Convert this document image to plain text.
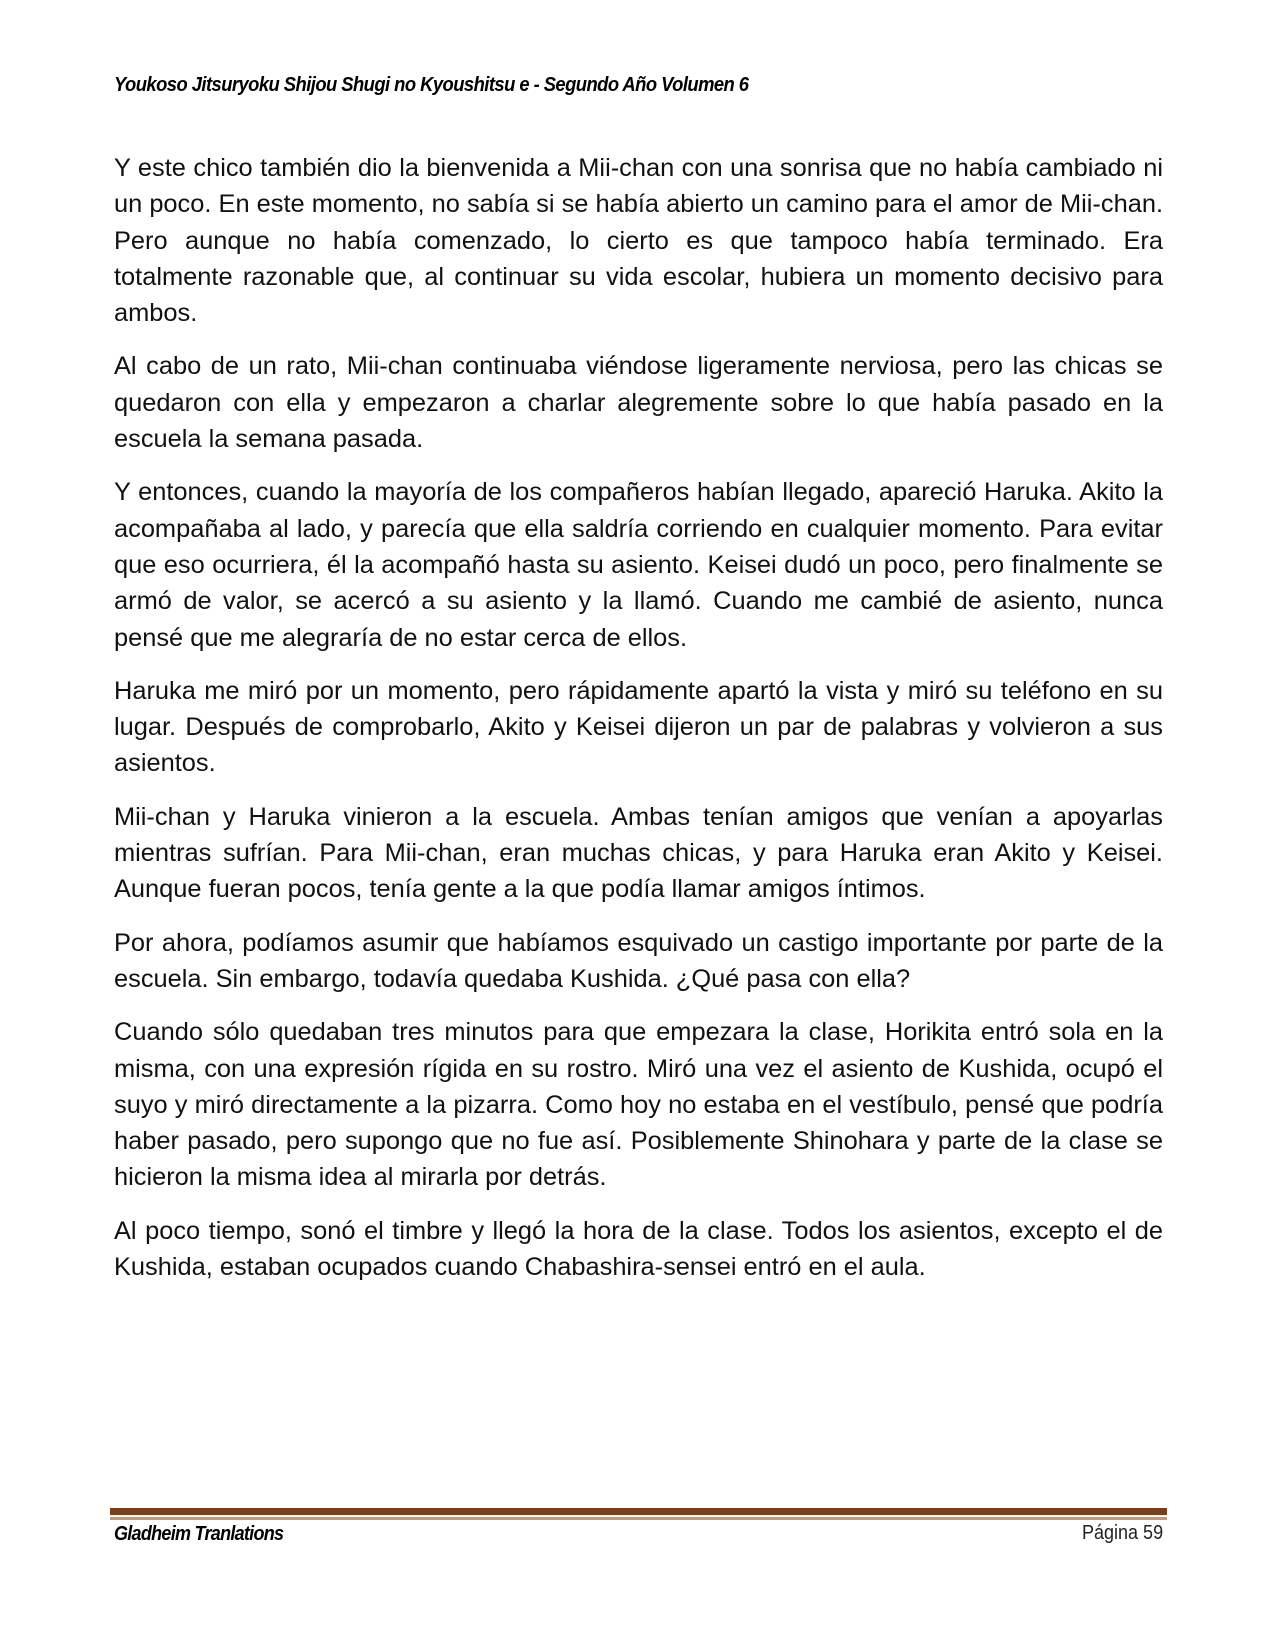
Youkoso Jitsuryoku Shijou Shugi no Kyoushitsu e - Segundo Año Volumen 6

Y este chico también dio la bienvenida a Mii-chan con una sonrisa que no había cambiado ni un poco. En este momento, no sabía si se había abierto un camino para el amor de Mii-chan. Pero aunque no había comenzado, lo cierto es que tampoco había terminado. Era totalmente razonable que, al continuar su vida escolar, hubiera un momento decisivo para ambos.

Al cabo de un rato, Mii-chan continuaba viéndose ligeramente nerviosa, pero las chicas se quedaron con ella y empezaron a charlar alegremente sobre lo que había pasado en la escuela la semana pasada.

Y entonces, cuando la mayoría de los compañeros habían llegado, apareció Haruka. Akito la acompañaba al lado, y parecía que ella saldría corriendo en cualquier momento. Para evitar que eso ocurriera, él la acompañó hasta su asiento. Keisei dudó un poco, pero finalmente se armó de valor, se acercó a su asiento y la llamó. Cuando me cambié de asiento, nunca pensé que me alegraría de no estar cerca de ellos.

Haruka me miró por un momento, pero rápidamente apartó la vista y miró su teléfono en su lugar. Después de comprobarlo, Akito y Keisei dijeron un par de palabras y volvieron a sus asientos.

Mii-chan y Haruka vinieron a la escuela. Ambas tenían amigos que venían a apoyarlas mientras sufrían. Para Mii-chan, eran muchas chicas, y para Haruka eran Akito y Keisei. Aunque fueran pocos, tenía gente a la que podía llamar amigos íntimos.

Por ahora, podíamos asumir que habíamos esquivado un castigo importante por parte de la escuela. Sin embargo, todavía quedaba Kushida. ¿Qué pasa con ella?

Cuando sólo quedaban tres minutos para que empezara la clase, Horikita entró sola en la misma, con una expresión rígida en su rostro. Miró una vez el asiento de Kushida, ocupó el suyo y miró directamente a la pizarra. Como hoy no estaba en el vestíbulo, pensé que podría haber pasado, pero supongo que no fue así. Posiblemente Shinohara y parte de la clase se hicieron la misma idea al mirarla por detrás.

Al poco tiempo, sonó el timbre y llegó la hora de la clase. Todos los asientos, excepto el de Kushida, estaban ocupados cuando Chabashira-sensei entró en el aula.

Gladheim Tranlations	Página 59
